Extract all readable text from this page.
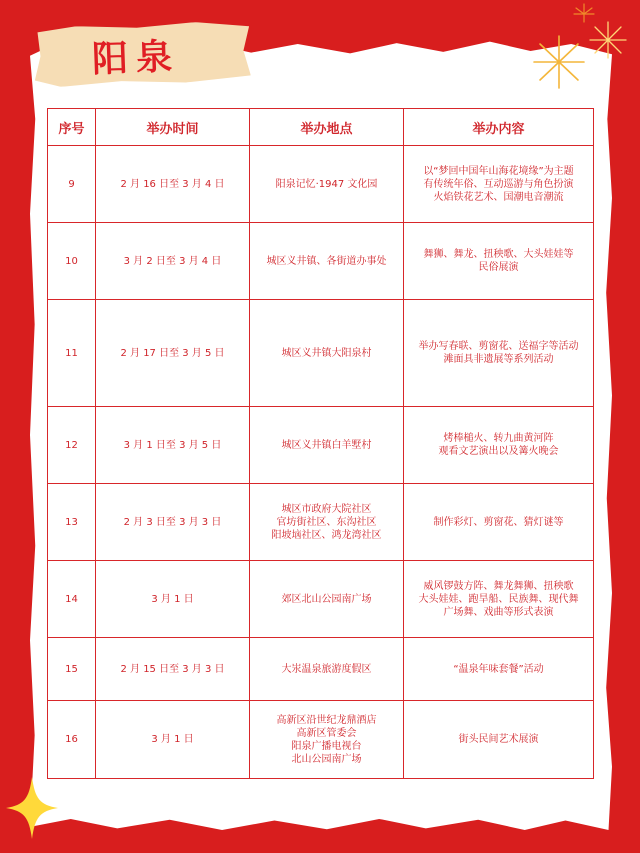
阳泉
序号	举办时间	举办地点	举办内容
9	2 月 16 日至 3 月 4 日	阳泉记忆·1947 文化园	以“梦回中国年山海花境缘”为主题
有传统年俗、互动巡游与角色扮演
火焰铁花艺术、国潮电音潮流

10	3 月 2 日至 3 月 4 日	城区义井镇、各街道办事处	舞狮、舞龙、扭秧歌、大头娃娃等
民俗展演

11	2 月 17 日至 3 月 5 日	城区义井镇大阳泉村	举办写春联、剪窗花、送福字等活动
滩面具非遗展等系列活动

12	3 月 1 日至 3 月 5 日	城区义井镇白羊墅村	烤棒槌火、转九曲黄河阵
观看文艺演出以及篝火晚会

13	2 月 3 日至 3 月 3 日	城区市政府大院社区
官坊街社区、东沟社区
阳坡垴社区、鸿龙湾社区	制作彩灯、剪窗花、猜灯谜等

14	3 月 1 日	郊区北山公园南广场	威风锣鼓方阵、舞龙舞狮、扭秧歌
大头娃娃、跑旱船、民族舞、现代舞
广场舞、戏曲等形式表演

15	2 月 15 日至 3 月 3 日	大汖温泉旅游度假区	“温泉年味套餐”活动

16	3 月 1 日	高新区沿世纪龙鼎酒店
高新区管委会
阳泉广播电视台
北山公园南广场	街头民间艺术展演
